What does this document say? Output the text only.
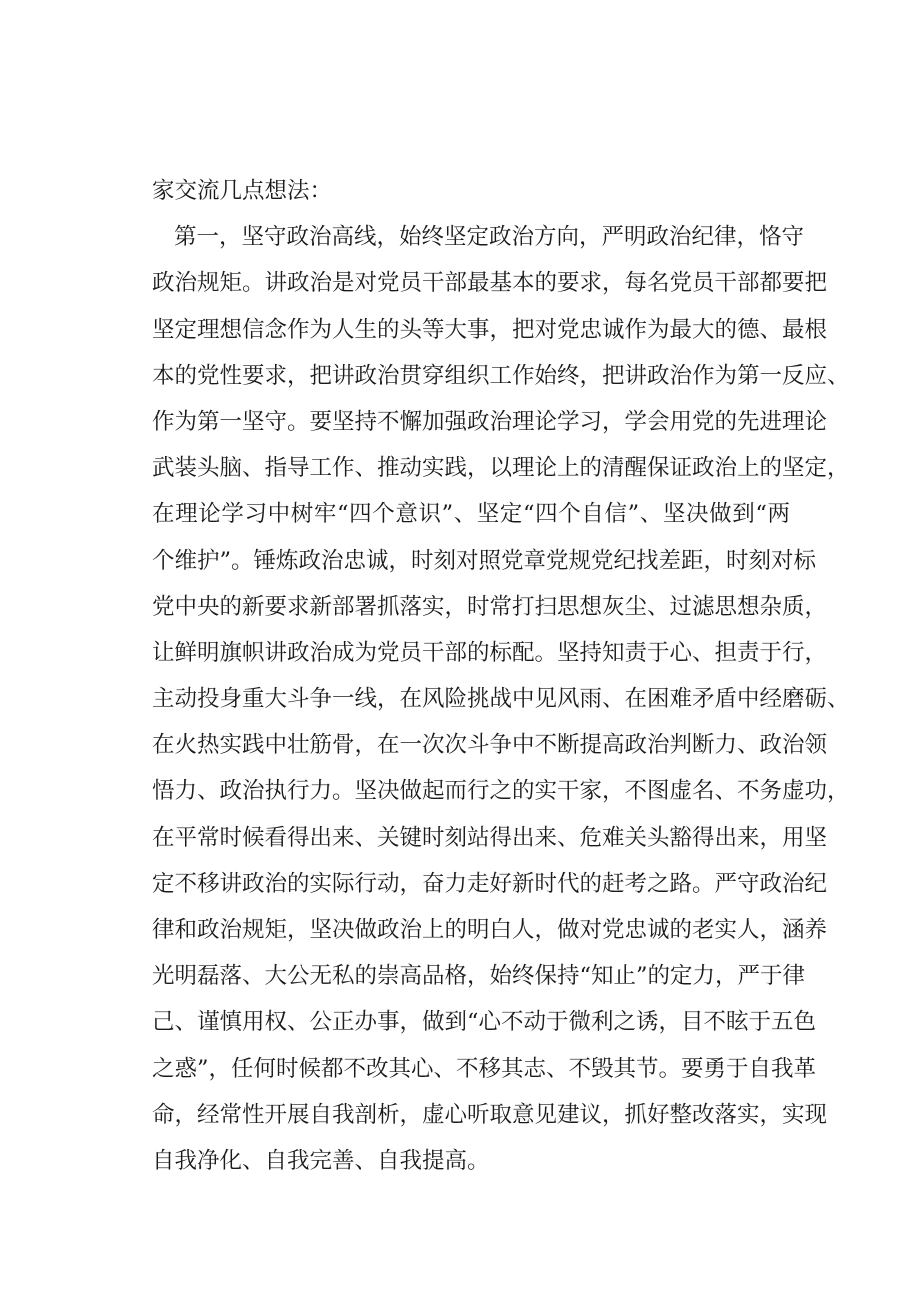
家交流几点想法：
第一，坚守政治高线，始终坚定政治方向，严明政治纪律，恪守
政治规矩。讲政治是对党员干部最基本的要求，每名党员干部都要把
坚定理想信念作为人生的头等大事，把对党忠诚作为最大的德、最根
本的党性要求，把讲政治贯穿组织工作始终，把讲政治作为第一反应、
作为第一坚守。要坚持不懈加强政治理论学习，学会用党的先进理论
武装头脑、指导工作、推动实践，以理论上的清醒保证政治上的坚定，
在理论学习中树牢“四个意识”、坚定“四个自信”、坚决做到“两
个维护”。锤炼政治忠诚，时刻对照党章党规党纪找差距，时刻对标
党中央的新要求新部署抓落实，时常打扫思想灰尘、过滤思想杂质，
让鲜明旗帜讲政治成为党员干部的标配。坚持知责于心、担责于行，
主动投身重大斗争一线，在风险挑战中见风雨、在困难矛盾中经磨砺、
在火热实践中壮筋骨，在一次次斗争中不断提高政治判断力、政治领
悟力、政治执行力。坚决做起而行之的实干家，不图虚名、不务虚功，
在平常时候看得出来、关键时刻站得出来、危难关头豁得出来，用坚
定不移讲政治的实际行动，奋力走好新时代的赶考之路。严守政治纪
律和政治规矩，坚决做政治上的明白人，做对党忠诚的老实人，涵养
光明磊落、大公无私的崇高品格，始终保持“知止”的定力，严于律
己、谨慎用权、公正办事，做到“心不动于微利之诱，目不眩于五色
之惑”，任何时候都不改其心、不移其志、不毁其节。要勇于自我革
命，经常性开展自我剖析，虚心听取意见建议，抓好整改落实，实现
自我净化、自我完善、自我提高。
